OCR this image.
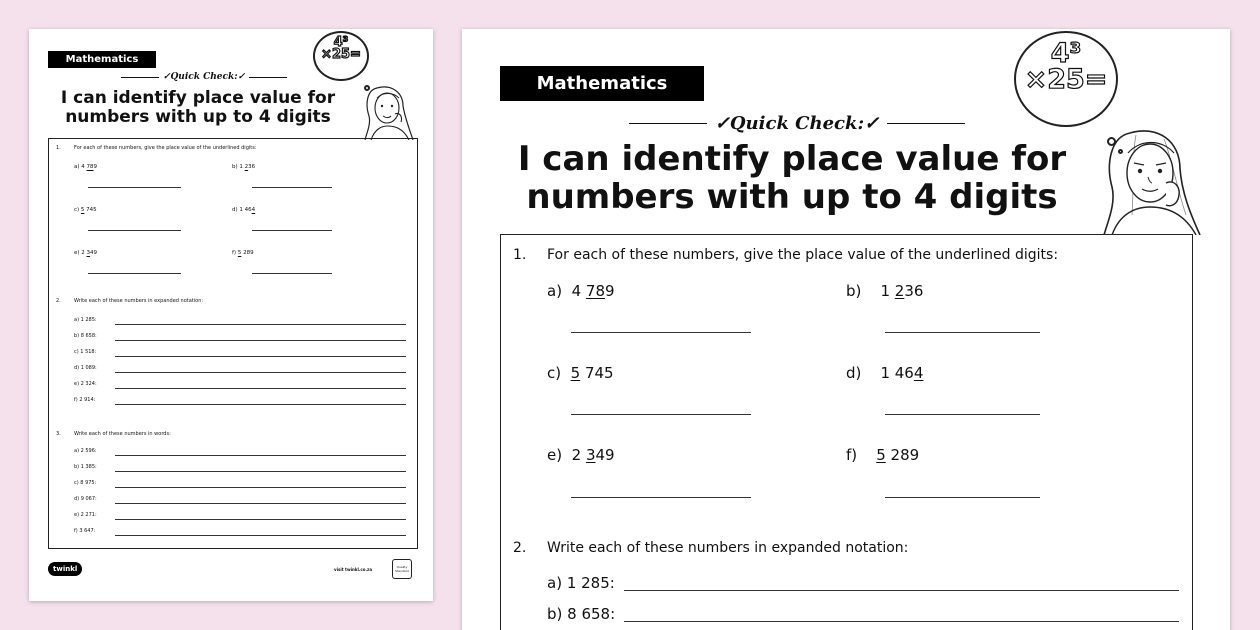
Mathematics
✓ Quick Check: ✓
I can identify place value for
numbers with up to 4 digits
4³
×25=
1.	For each of these numbers, give the place value of the underlined digits:
a) 4 789	b) 1 236
c) 5 745	d) 1 464
e) 2 349	f) 5 289
2.	Write each of these numbers in expanded notation:
a) 1 285:
b) 8 658:
c) 1 518:
d) 1 089:
e) 2 324:
f) 2 914:
3.	Write each of these numbers in words:
a) 2 596:
b) 1 385:
c) 8 975:
d) 9 067:
e) 2 271:
f) 3 647:
twinkl	visit twinkl.co.za	Quality Standard
Mathematics
✓ Quick Check: ✓
I can identify place value for
numbers with up to 4 digits
4³
×25=
1. For each of these numbers, give the place value of the underlined digits:
a) 4 789	b) 1 236
c) 5 745	d) 1 464
e) 2 349	f) 5 289
2. Write each of these numbers in expanded notation:
a) 1 285:
b) 8 658:
